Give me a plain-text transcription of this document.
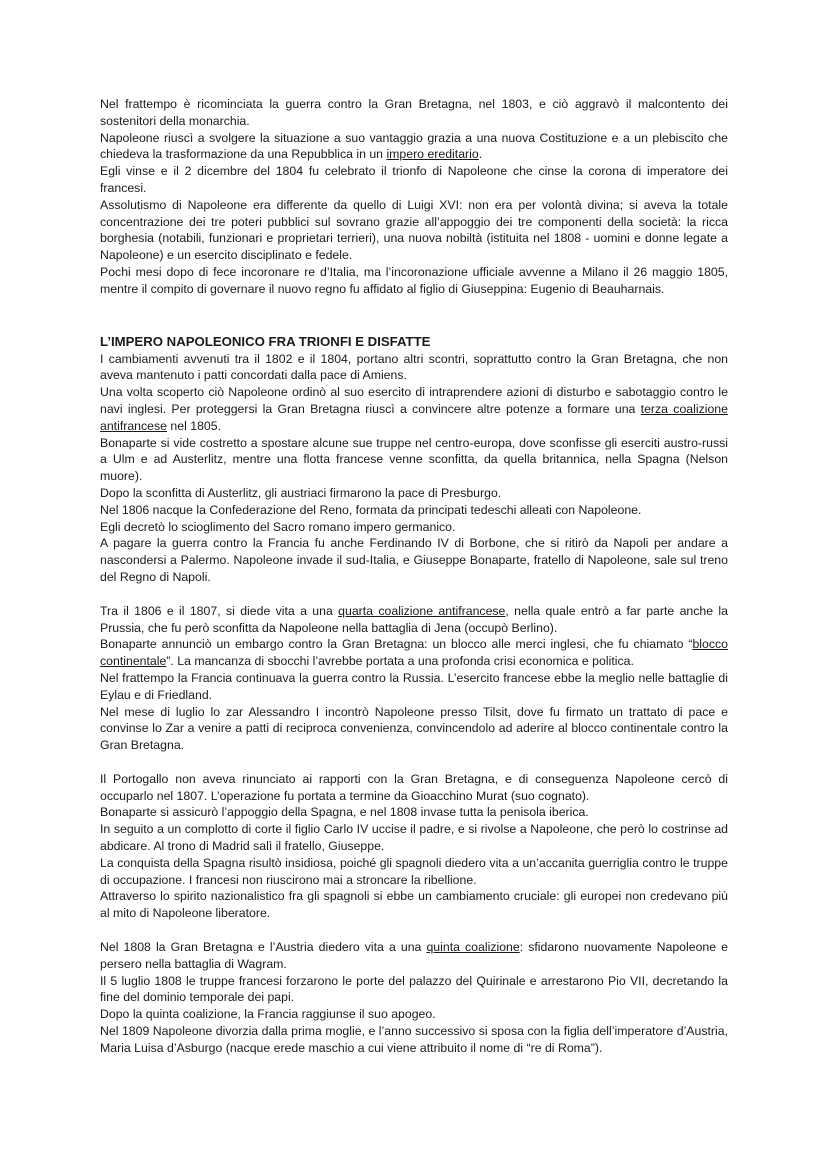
Nel frattempo è ricominciata la guerra contro la Gran Bretagna, nel 1803, e ciò aggravò il malcontento dei sostenitori della monarchia.

Napoleone riuscì a svolgere la situazione a suo vantaggio grazia a una nuova Costituzione e a un plebiscito che chiedeva la trasformazione da una Repubblica in un impero ereditario.

Egli vinse e il 2 dicembre del 1804 fu celebrato il trionfo di Napoleone che cinse la corona di imperatore dei francesi.

Assolutismo di Napoleone era differente da quello di Luigi XVI: non era per volontà divina; si aveva la totale concentrazione dei tre poteri pubblici sul sovrano grazie all’appoggio dei tre componenti della società: la ricca borghesia (notabili, funzionari e proprietari terrieri), una nuova nobiltà (istituita nel 1808 - uomini e donne legate a Napoleone) e un esercito disciplinato e fedele.

Pochi mesi dopo di fece incoronare re d’Italia, ma l’incoronazione ufficiale avvenne a Milano il 26 maggio 1805, mentre il compito di governare il nuovo regno fu affidato al figlio di Giuseppina: Eugenio di Beauharnais.

L’IMPERO NAPOLEONICO FRA TRIONFI E DISFATTE

I cambiamenti avvenuti tra il 1802 e il 1804, portano altri scontri, soprattutto contro la Gran Bretagna, che non aveva mantenuto i patti concordati dalla pace di Amiens.

Una volta scoperto ciò Napoleone ordinò al suo esercito di intraprendere azioni di disturbo e sabotaggio contro le navi inglesi. Per proteggersi la Gran Bretagna riuscì a convincere altre potenze a formare una terza coalizione antifrancese nel 1805.

Bonaparte si vide costretto a spostare alcune sue truppe nel centro-europa, dove sconfisse gli eserciti austro-russi a Ulm e ad Austerlitz, mentre una flotta francese venne sconfitta, da quella britannica, nella Spagna (Nelson muore).

Dopo la sconfitta di Austerlitz, gli austriaci firmarono la pace di Presburgo.

Nel 1806 nacque la Confederazione del Reno, formata da principati tedeschi alleati con Napoleone.

Egli decretò lo scioglimento del Sacro romano impero germanico.

A pagare la guerra contro la Francia fu anche Ferdinando IV di Borbone, che si ritirò da Napoli per andare a nascondersi a Palermo. Napoleone invade il sud-Italia, e Giuseppe Bonaparte, fratello di Napoleone, sale sul treno del Regno di Napoli.

Tra il 1806 e il 1807, si diede vita a una quarta coalizione antifrancese, nella quale entrò a far parte anche la Prussia, che fu però sconfitta da Napoleone nella battaglia di Jena (occupò Berlino).

Bonaparte annunciò un embargo contro la Gran Bretagna: un blocco alle merci inglesi, che fu chiamato “blocco continentale”. La mancanza di sbocchi l’avrebbe portata a una profonda crisi economica e politica.

Nel frattempo la Francia continuava la guerra contro la Russia. L’esercito francese ebbe la meglio nelle battaglie di Eylau e di Friedland.

Nel mese di luglio lo zar Alessandro I incontrò Napoleone presso Tilsit, dove fu firmato un trattato di pace e convinse lo Zar a venire a patti di reciproca convenienza, convincendolo ad aderire al blocco continentale contro la Gran Bretagna.

Il Portogallo non aveva rinunciato ai rapporti con la Gran Bretagna, e di conseguenza Napoleone cercò di occuparlo nel 1807. L’operazione fu portata a termine da Gioacchino Murat (suo cognato).

Bonaparte si assicurò l’appoggio della Spagna, e nel 1808 invase tutta la penisola iberica.

In seguito a un complotto di corte il figlio Carlo IV uccise il padre, e si rivolse a Napoleone, che però lo costrinse ad abdicare. Al trono di Madrid salì il fratello, Giuseppe.

La conquista della Spagna risultò insidiosa, poiché gli spagnoli diedero vita a un’accanita guerriglia contro le truppe di occupazione. I francesi non riuscirono mai a stroncare la ribellione.

Attraverso lo spirito nazionalistico fra gli spagnoli si ebbe un cambiamento cruciale: gli europei non credevano più al mito di Napoleone liberatore.

Nel 1808 la Gran Bretagna e l’Austria diedero vita a una quinta coalizione: sfidarono nuovamente Napoleone e persero nella battaglia di Wagram.

Il 5 luglio 1808 le truppe francesi forzarono le porte del palazzo del Quirinale e arrestarono Pio VII, decretando la fine del dominio temporale dei papi.

Dopo la quinta coalizione, la Francia raggiunse il suo apogeo.

Nel 1809 Napoleone divorzia dalla prima moglie, e l’anno successivo si sposa con la figlia dell’imperatore d’Austria, Maria Luisa d’Asburgo (nacque erede maschio a cui viene attribuito il nome di “re di Roma”).
